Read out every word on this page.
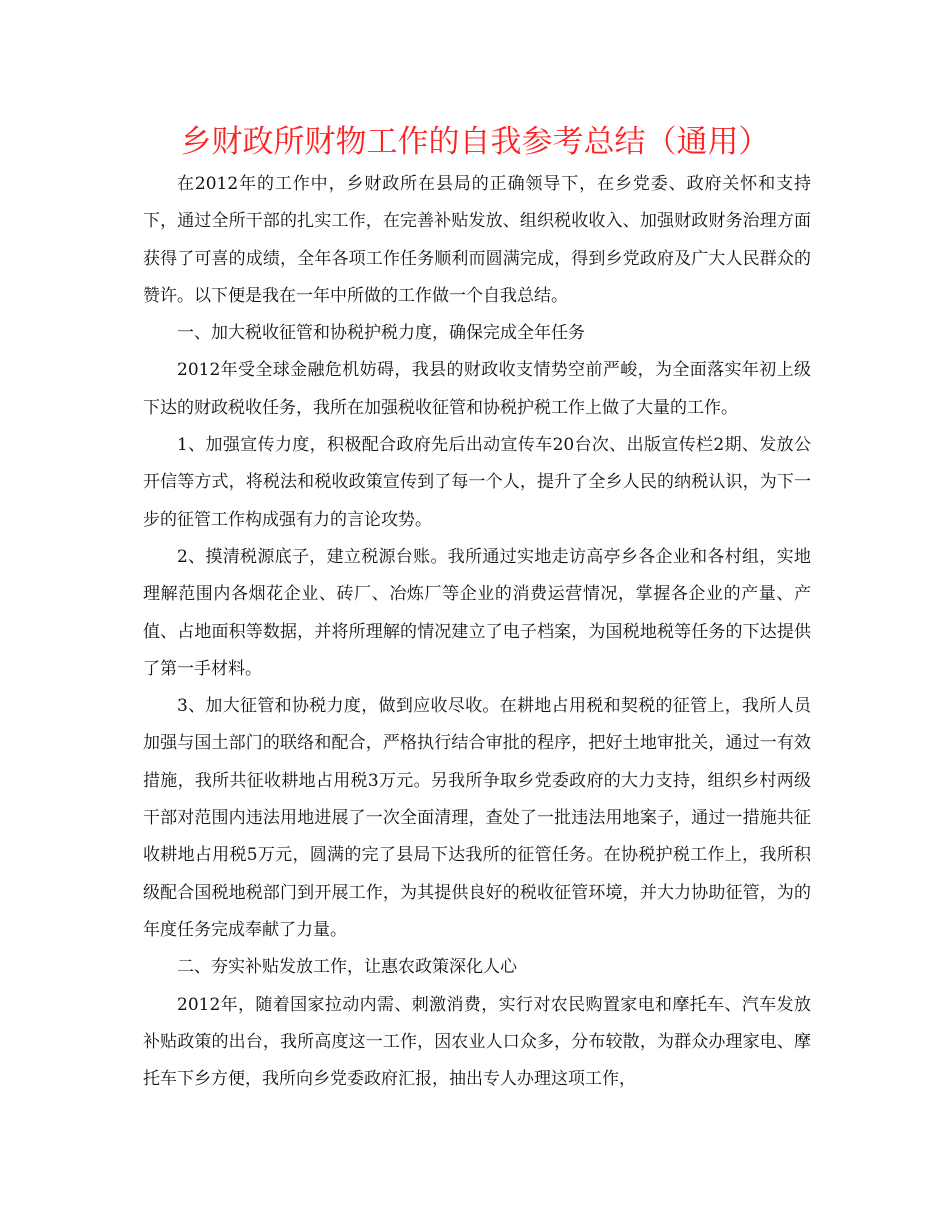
乡财政所财物工作的自我参考总结（通用）

在2012年的工作中，乡财政所在县局的正确领导下，在乡党委、政府关怀和支持下，通过全所干部的扎实工作，在完善补贴发放、组织税收收入、加强财政财务治理方面获得了可喜的成绩，全年各项工作任务顺利而圆满完成，得到乡党政府及广大人民群众的赞许。以下便是我在一年中所做的工作做一个自我总结。

一、加大税收征管和协税护税力度，确保完成全年任务

2012年受全球金融危机妨碍，我县的财政收支情势空前严峻，为全面落实年初上级下达的财政税收任务，我所在加强税收征管和协税护税工作上做了大量的工作。

1、加强宣传力度，积极配合政府先后出动宣传车20台次、出版宣传栏2期、发放公开信等方式，将税法和税收政策宣传到了每一个人，提升了全乡人民的纳税认识，为下一步的征管工作构成强有力的言论攻势。

2、摸清税源底子，建立税源台账。我所通过实地走访高亭乡各企业和各村组，实地理解范围内各烟花企业、砖厂、冶炼厂等企业的消费运营情况，掌握各企业的产量、产值、占地面积等数据，并将所理解的情况建立了电子档案，为国税地税等任务的下达提供了第一手材料。

3、加大征管和协税力度，做到应收尽收。在耕地占用税和契税的征管上，我所人员加强与国土部门的联络和配合，严格执行结合审批的程序，把好土地审批关，通过一有效措施，我所共征收耕地占用税3万元。另我所争取乡党委政府的大力支持，组织乡村两级干部对范围内违法用地进展了一次全面清理，查处了一批违法用地案子，通过一措施共征收耕地占用税5万元，圆满的完了县局下达我所的征管任务。在协税护税工作上，我所积级配合国税地税部门到开展工作，为其提供良好的税收征管环境，并大力协助征管，为的年度任务完成奉献了力量。

二、夯实补贴发放工作，让惠农政策深化人心

2012年，随着国家拉动内需、刺激消费，实行对农民购置家电和摩托车、汽车发放补贴政策的出台，我所高度这一工作，因农业人口众多，分布较散，为群众办理家电、摩托车下乡方便，我所向乡党委政府汇报，抽出专人办理这项工作，
